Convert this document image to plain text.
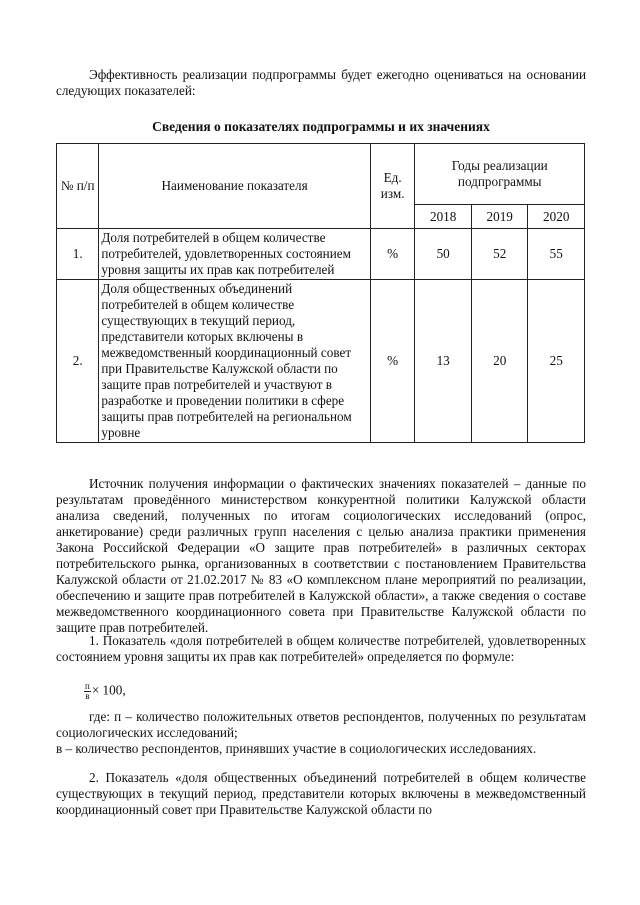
Эффективность реализации подпрограммы будет ежегодно оцениваться на основании следующих показателей:

Сведения о показателях подпрограммы и их значениях

№ п/п	Наименование показателя	Ед. изм.	Годы реализации подпрограммы		
			2018	2019	2020
1.	Доля потребителей в общем количестве потребителей, удовлетворенных состоянием уровня защиты их прав как потребителей	%	50	52	55
2.	Доля общественных объединений потребителей в общем количестве существующих в текущий период, представители которых включены в межведомственный координационный совет при Правительстве Калужской области по защите прав потребителей и участвуют в разработке и проведении политики в сфере защиты прав потребителей на региональном уровне	%	13	20	25

Источник получения информации о фактических значениях показателей – данные по результатам проведённого министерством конкурентной политики Калужской области анализа сведений, полученных по итогам социологических исследований (опрос, анкетирование) среди различных групп населения с целью анализа практики применения Закона Российской Федерации «О защите прав потребителей» в различных секторах потребительского рынка, организованных в соответствии с постановлением Правительства Калужской области от 21.02.2017 № 83 «О комплексном плане мероприятий по реализации, обеспечению и защите прав потребителей в Калужской области», а также сведения о составе межведомственного координационного совета при Правительстве Калужской области по защите прав потребителей.

1. Показатель «доля потребителей в общем количестве потребителей, удовлетворенных состоянием уровня защиты их прав как потребителей» определяется по формуле:

$\frac{п}{в} \times 100$,

где: п – количество положительных ответов респондентов, полученных по результатам социологических исследований;

в – количество респондентов, принявших участие в социологических исследованиях.

2. Показатель «доля общественных объединений потребителей в общем количестве существующих в текущий период, представители которых включены в межведомственный координационный совет при Правительстве Калужской области по
